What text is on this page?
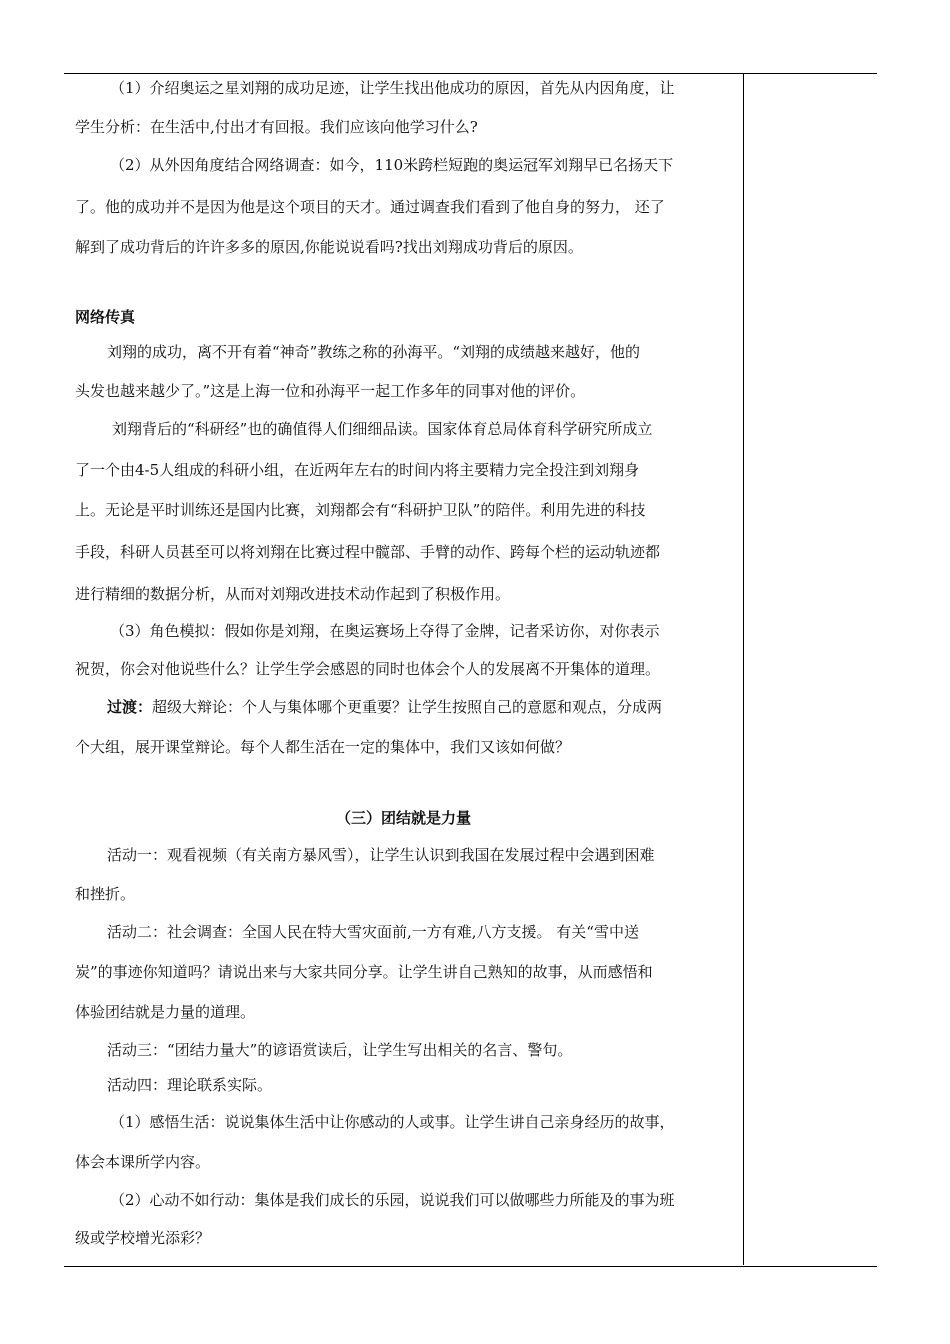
（1）介绍奥运之星刘翔的成功足迹，让学生找出他成功的原因，首先从内因角度，让
学生分析：在生活中,付出才有回报。我们应该向他学习什么?
（2）从外因角度结合网络调查：如今，110米跨栏短跑的奥运冠军刘翔早已名扬天下
了。他的成功并不是因为他是这个项目的天才。通过调查我们看到了他自身的努力， 还了
解到了成功背后的许许多多的原因,你能说说看吗?找出刘翔成功背后的原因。
网络传真
刘翔的成功，离不开有着“神奇”教练之称的孙海平。“刘翔的成绩越来越好，他的
头发也越来越少了。”这是上海一位和孙海平一起工作多年的同事对他的评价。
刘翔背后的“科研经”也的确值得人们细细品读。国家体育总局体育科学研究所成立
了一个由4-5人组成的科研小组，在近两年左右的时间内将主要精力完全投注到刘翔身
上。无论是平时训练还是国内比赛，刘翔都会有“科研护卫队”的陪伴。利用先进的科技
手段，科研人员甚至可以将刘翔在比赛过程中髋部、手臂的动作、跨每个栏的运动轨迹都
进行精细的数据分析，从而对刘翔改进技术动作起到了积极作用。
（3）角色模拟：假如你是刘翔，在奥运赛场上夺得了金牌，记者采访你，对你表示
祝贺，你会对他说些什么？让学生学会感恩的同时也体会个人的发展离不开集体的道理。
过渡：超级大辩论：个人与集体哪个更重要？让学生按照自己的意愿和观点，分成两
个大组，展开课堂辩论。每个人都生活在一定的集体中，我们又该如何做？
（三）团结就是力量
活动一：观看视频（有关南方暴风雪），让学生认识到我国在发展过程中会遇到困难
和挫折。
活动二：社会调查：全国人民在特大雪灾面前,一方有难,八方支援。 有关“雪中送
炭”的事迹你知道吗？请说出来与大家共同分享。让学生讲自己熟知的故事，从而感悟和
体验团结就是力量的道理。
活动三：“团结力量大”的谚语赏读后，让学生写出相关的名言、警句。
活动四：理论联系实际。
（1）感悟生活：说说集体生活中让你感动的人或事。让学生讲自己亲身经历的故事，
体会本课所学内容。
（2）心动不如行动：集体是我们成长的乐园，说说我们可以做哪些力所能及的事为班
级或学校增光添彩？
